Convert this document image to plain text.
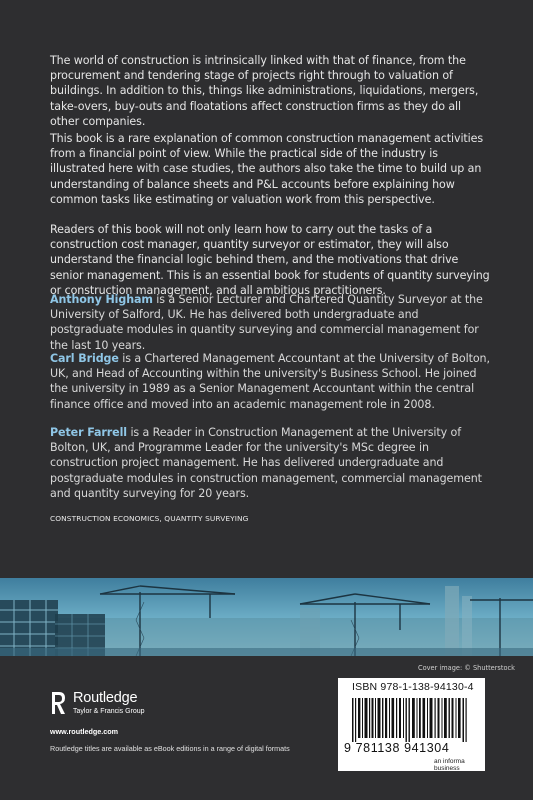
The world of construction is intrinsically linked with that of finance, from the procurement and tendering stage of projects right through to valuation of buildings. In addition to this, things like administrations, liquidations, mergers, take-overs, buy-outs and floatations affect construction firms as they do all other companies.

This book is a rare explanation of common construction management activities from a financial point of view. While the practical side of the industry is illustrated here with case studies, the authors also take the time to build up an understanding of balance sheets and P&L accounts before explaining how common tasks like estimating or valuation work from this perspective.

Readers of this book will not only learn how to carry out the tasks of a construction cost manager, quantity surveyor or estimator, they will also understand the financial logic behind them, and the motivations that drive senior management. This is an essential book for students of quantity surveying or construction management, and all ambitious practitioners.

Anthony Higham is a Senior Lecturer and Chartered Quantity Surveyor at the University of Salford, UK. He has delivered both undergraduate and postgraduate modules in quantity surveying and commercial management for the last 10 years.

Carl Bridge is a Chartered Management Accountant at the University of Bolton, UK, and Head of Accounting within the university's Business School. He joined the university in 1989 as a Senior Management Accountant within the central finance office and moved into an academic management role in 2008.

Peter Farrell is a Reader in Construction Management at the University of Bolton, UK, and Programme Leader for the university's MSc degree in construction project management. He has delivered undergraduate and postgraduate modules in construction management, commercial management and quantity surveying for 20 years.

CONSTRUCTION ECONOMICS, QUANTITY SURVEYING
Cover image: © Shutterstock
ISBN 978-1-138-94130-4
9 781138 941304
an informa business
Routledge
Taylor & Francis Group
www.routledge.com
Routledge titles are available as eBook editions in a range of digital formats
